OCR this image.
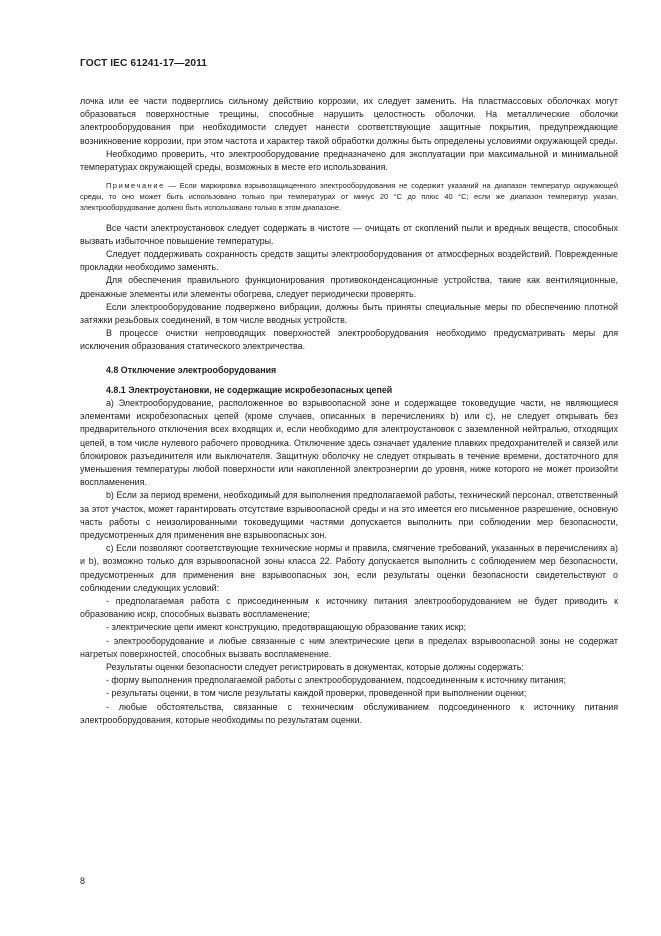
ГОСТ IEC 61241-17—2011

лочка или ее части подверглись сильному действию коррозии, их следует заменить. На пластмассовых оболочках могут образоваться поверхностные трещины, способные нарушить целостность оболочки. На металлические оболочки электрооборудования при необходимости следует нанести соответствующие защитные покрытия, предупреждающие возникновение коррозии, при этом частота и характер такой обработки должны быть определены условиями окружающей среды.

Необходимо проверить, что электрооборудование предназначено для эксплуатации при максимальной и минимальной температурах окружающей среды, возможных в месте его использования.

Примечание — Если маркировка взрывозащищенного электрооборудования не содержит указаний на диапазон температур окружающей среды, то оно может быть использовано только при температурах от минус 20 °С до плюс 40 °С; если же диапазон температур указан, электрооборудование должно быть использовано только в этом диапазоне.

Все части электроустановок следует содержать в чистоте — очищать от скоплений пыли и вредных веществ, способных вызвать избыточное повышение температуры.

Следует поддерживать сохранность средств защиты электрооборудования от атмосферных воздействий. Поврежденные прокладки необходимо заменять.

Для обеспечения правильного функционирования противоконденсационные устройства, такие как вентиляционные, дренажные элементы или элементы обогрева, следует периодически проверять.

Если электрооборудование подвержено вибрации, должны быть приняты специальные меры по обеспечению плотной затяжки резьбовых соединений, в том числе вводных устройств.

В процессе очистки непроводящих поверхностей электрооборудования необходимо предусматривать меры для исключения образования статического электричества.

4.8 Отключение электрооборудования

4.8.1 Электроустановки, не содержащие искробезопасных цепей

а) Электрооборудование, расположенное во взрывоопасной зоне и содержащее токоведущие части, не являющиеся элементами искробезопасных цепей (кроме случаев, описанных в перечислениях b) или с), не следует открывать без предварительного отключения всех входящих и, если необходимо для электроустановок с заземленной нейтралью, отходящих цепей, в том числе нулевого рабочего проводника. Отключение здесь означает удаление плавких предохранителей и связей или блокировок разъединителя или выключателя. Защитную оболочку не следует открывать в течение времени, достаточного для уменьшения температуры любой поверхности или накопленной электроэнергии до уровня, ниже которого не может произойти воспламенения.

b) Если за период времени, необходимый для выполнения предполагаемой работы, технический персонал, ответственный за этот участок, может гарантировать отсутствие взрывоопасной среды и на это имеется его письменное разрешение, основную часть работы с неизолированными токоведущими частями допускается выполнить при соблюдении мер безопасности, предусмотренных для применения вне взрывоопасных зон.

с) Если позволяют соответствующие технические нормы и правила, смягчение требований, указанных в перечислениях а) и b), возможно только для взрывоопасной зоны класса 22. Работу допускается выполнить с соблюдением мер безопасности, предусмотренных для применения вне взрывоопасных зон, если результаты оценки безопасности свидетельствуют о соблюдении следующих условий:

- предполагаемая работа с присоединенным к источнику питания электрооборудованием не будет приводить к образованию искр, способных вызвать воспламенение;

- электрические цепи имеют конструкцию, предотвращающую образование таких искр;

- электрооборудование и любые связанные с ним электрические цепи в пределах взрывоопасной зоны не содержат нагретых поверхностей, способных вызвать воспламенение.

Результаты оценки безопасности следует регистрировать в документах, которые должны содержать:

- форму выполнения предполагаемой работы с электрооборудованием, подсоединенным к источнику питания;

- результаты оценки, в том числе результаты каждой проверки, проведенной при выполнении оценки;

- любые обстоятельства, связанные с техническим обслуживанием подсоединенного к источнику питания электрооборудования, которые необходимы по результатам оценки.

8
